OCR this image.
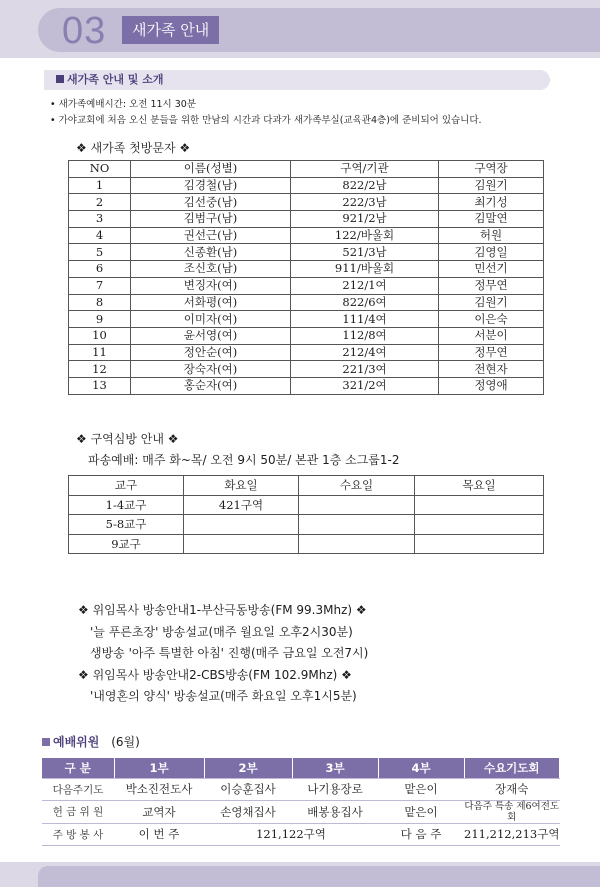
03	새가족 안내
새가족 안내 및 소개
• 새가족예배시간: 오전 11시 30분
• 가야교회에 처음 오신 분들을 위한 만남의 시간과 다과가 새가족부실(교육관4층)에 준비되어 있습니다.
❖ 새가족 첫방문자 ❖
NO	이름(성별)	구역/기관	구역장
1	김경철(남)	822/2남	김원기
2	김선중(남)	222/3남	최기성
3	김범구(남)	921/2남	김말연
4	권선근(남)	122/바울회	허원
5	신종환(남)	521/3남	김영일
6	조신호(남)	911/바울회	민선기
7	변징자(여)	212/1여	정무연
8	서화평(여)	822/6여	김원기
9	이미자(여)	111/4여	이은숙
10	윤서영(여)	112/8여	서분이
11	정안순(여)	212/4여	정무연
12	장숙자(여)	221/3여	전현자
13	홍순자(여)	321/2여	정영애
❖ 구역심방 안내 ❖
파송예배: 매주 화~목/ 오전 9시 50분/ 본관 1층 소그룹1-2
교구	화요일	수요일	목요일
1-4교구	421구역		
5-8교구			
9교구			
❖ 위임목사 방송안내1-부산극동방송(FM 99.3Mhz) ❖
'늘 푸른초장' 방송설교(매주 월요일 오후2시30분)
생방송 '아주 특별한 아침' 진행(매주 금요일 오전7시)
❖ 위임목사 방송안내2-CBS방송(FM 102.9Mhz) ❖
'내영혼의 양식' 방송설교(매주 화요일 오후1시5분)
예배위원 (6월)
구 분	1부	2부	3부	4부	수요기도회
다음주기도	박소진전도사	이승훈집사	나기용장로	맡은이	장재숙
헌 금 위 원	교역자	손영채집사	배봉용집사	맡은이	다음주 특송 제6여전도회
주 방 봉 사	이 번 주	121,122구역		다 음 주	211,212,213구역
